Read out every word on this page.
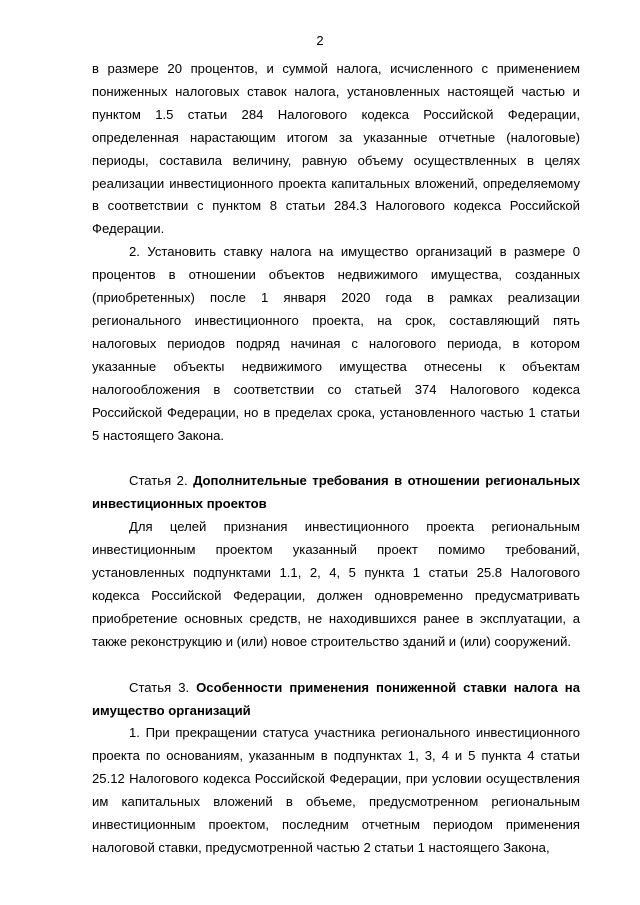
2

в размере 20 процентов, и суммой налога, исчисленного с применением пониженных налоговых ставок налога, установленных настоящей частью и пунктом 1.5 статьи 284 Налогового кодекса Российской Федерации, определенная нарастающим итогом за указанные отчетные (налоговые) периоды, составила величину, равную объему осуществленных в целях реализации инвестиционного проекта капитальных вложений, определяемому в соответствии с пунктом 8 статьи 284.3 Налогового кодекса Российской Федерации.

2. Установить ставку налога на имущество организаций в размере 0 процентов в отношении объектов недвижимого имущества, созданных (приобретенных) после 1 января 2020 года в рамках реализации регионального инвестиционного проекта, на срок, составляющий пять налоговых периодов подряд начиная с налогового периода, в котором указанные объекты недвижимого имущества отнесены к объектам налогообложения в соответствии со статьей 374 Налогового кодекса Российской Федерации, но в пределах срока, установленного частью 1 статьи 5 настоящего Закона.

Статья 2. Дополнительные требования в отношении региональных инвестиционных проектов

Для целей признания инвестиционного проекта региональным инвестиционным проектом указанный проект помимо требований, установленных подпунктами 1.1, 2, 4, 5 пункта 1 статьи 25.8 Налогового кодекса Российской Федерации, должен одновременно предусматривать приобретение основных средств, не находившихся ранее в эксплуатации, а также реконструкцию и (или) новое строительство зданий и (или) сооружений.

Статья 3. Особенности применения пониженной ставки налога на имущество организаций

1. При прекращении статуса участника регионального инвестиционного проекта по основаниям, указанным в подпунктах 1, 3, 4 и 5 пункта 4 статьи 25.12 Налогового кодекса Российской Федерации, при условии осуществления им капитальных вложений в объеме, предусмотренном региональным инвестиционным проектом, последним отчетным периодом применения налоговой ставки, предусмотренной частью 2 статьи 1 настоящего Закона,
